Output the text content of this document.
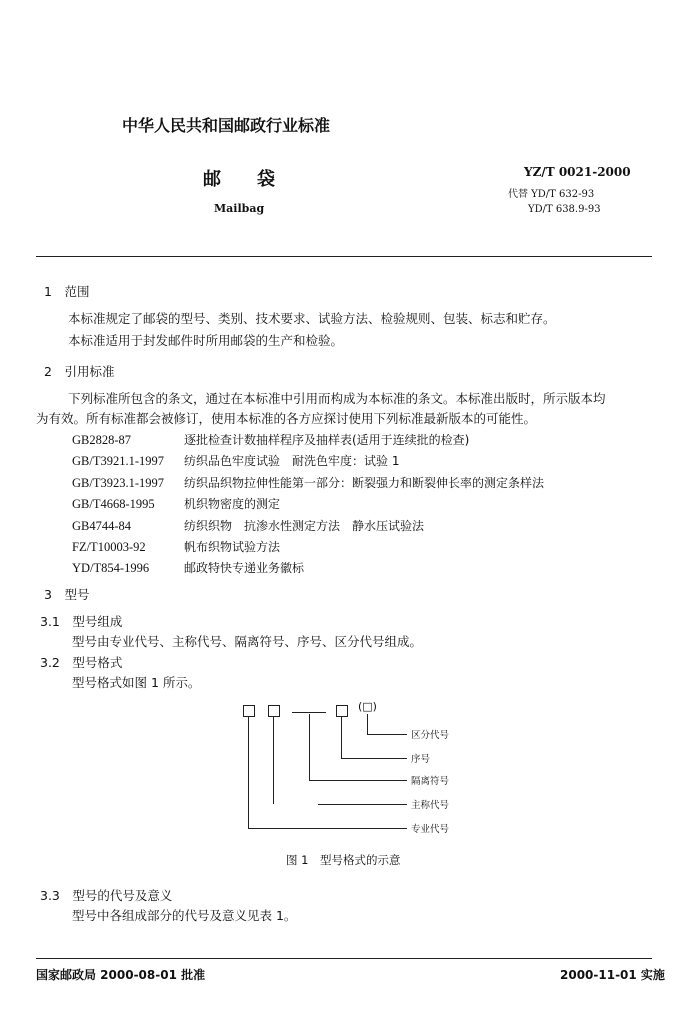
中华人民共和国邮政行业标准
邮　　袋
Mailbag
YZ/T 0021-2000
代替 YD/T 632-93
YD/T 638.9-93
1　范围
本标准规定了邮袋的型号、类别、技术要求、试验方法、检验规则、包装、标志和贮存。
本标准适用于封发邮件时所用邮袋的生产和检验。
2　引用标准
下列标准所包含的条文，通过在本标准中引用而构成为本标准的条文。本标准出版时，所示版本均
为有效。所有标准都会被修订，使用本标准的各方应探讨使用下列标准最新版本的可能性。
GB2828-87	逐批检查计数抽样程序及抽样表(适用于连续批的检查)
GB/T3921.1-1997 纺织品色牢度试验　耐洗色牢度：试验 1
GB/T3923.1-1997 纺织品织物拉伸性能第一部分：断裂强力和断裂伸长率的测定条样法
GB/T4668-1995 机织物密度的测定
GB4744-84	纺织织物　抗渗水性测定方法　静水压试验法
FZ/T10003-92	帆布织物试验方法
YD/T854-1996	邮政特快专递业务徽标
3　型号
3.1　型号组成
型号由专业代号、主称代号、隔离符号、序号、区分代号组成。
3.2　型号格式
型号格式如图 1 所示。
(□)
区分代号
序号
隔离符号
主称代号
专业代号
图 1　型号格式的示意
3.3　型号的代号及意义
型号中各组成部分的代号及意义见表 1。
国家邮政局 2000-08-01 批准	2000-11-01 实施
